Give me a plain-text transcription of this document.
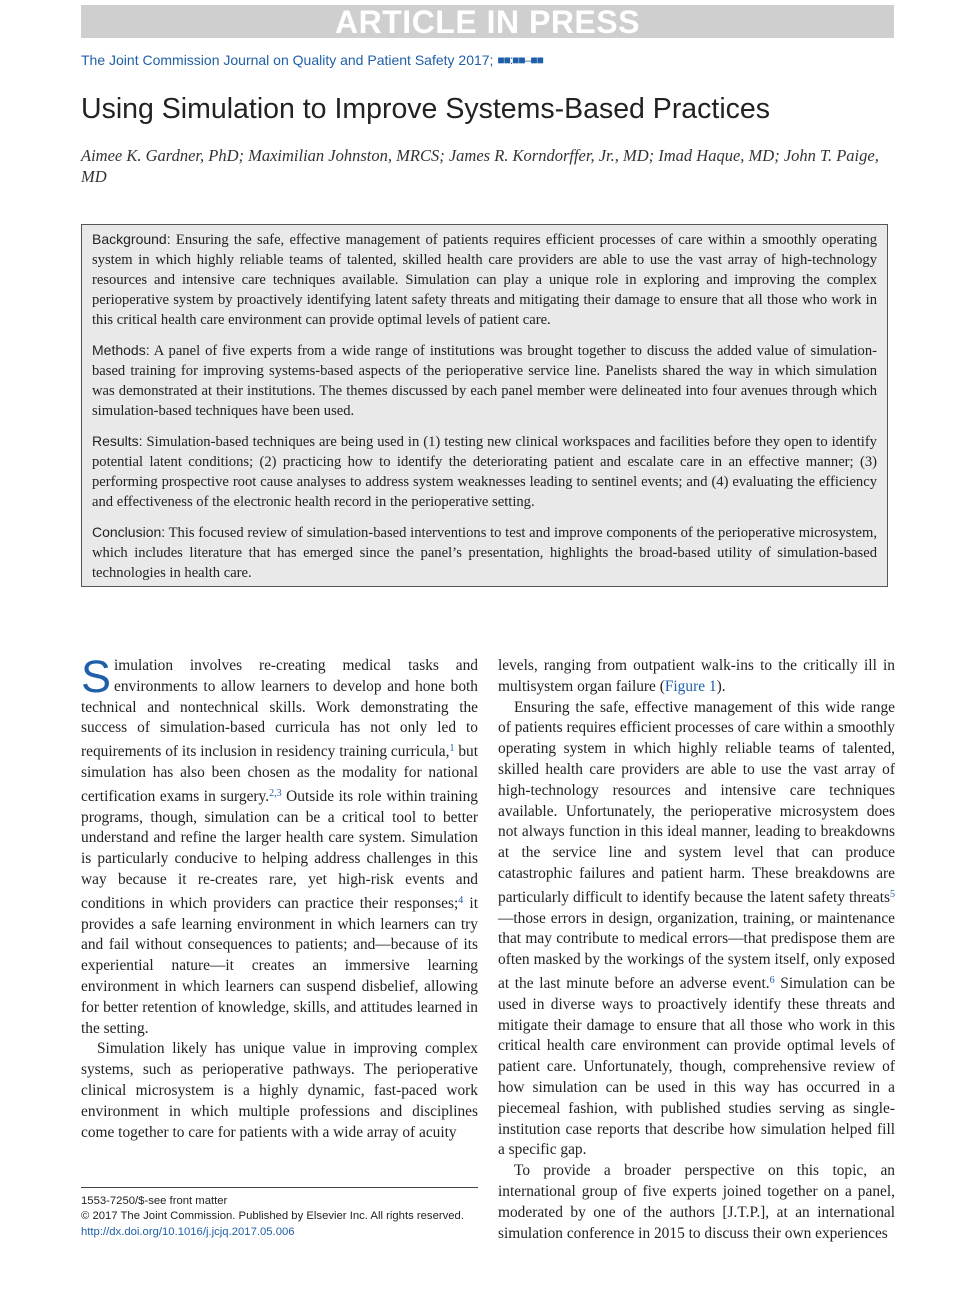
ARTICLE IN PRESS
The Joint Commission Journal on Quality and Patient Safety 2017; ■■:■■–■■
Using Simulation to Improve Systems-Based Practices
Aimee K. Gardner, PhD; Maximilian Johnston, MRCS; James R. Korndorffer, Jr., MD; Imad Haque, MD; John T. Paige, MD

Background: Ensuring the safe, effective management of patients requires efficient processes of care within a smoothly operating system in which highly reliable teams of talented, skilled health care providers are able to use the vast array of high-technology resources and intensive care techniques available. Simulation can play a unique role in exploring and improving the complex perioperative system by proactively identifying latent safety threats and mitigating their damage to ensure that all those who work in this critical health care environment can provide optimal levels of patient care.

Methods: A panel of five experts from a wide range of institutions was brought together to discuss the added value of simulation-based training for improving systems-based aspects of the perioperative service line. Panelists shared the way in which simulation was demonstrated at their institutions. The themes discussed by each panel member were delineated into four avenues through which simulation-based techniques have been used.

Results: Simulation-based techniques are being used in (1) testing new clinical workspaces and facilities before they open to identify potential latent conditions; (2) practicing how to identify the deteriorating patient and escalate care in an effective manner; (3) performing prospective root cause analyses to address system weaknesses leading to sentinel events; and (4) evaluating the efficiency and effectiveness of the electronic health record in the perioperative setting.

Conclusion: This focused review of simulation-based interventions to test and improve components of the perioperative microsystem, which includes literature that has emerged since the panel’s presentation, highlights the broad-based utility of simulation-based technologies in health care.

Simulation involves re-creating medical tasks and environments to allow learners to develop and hone both technical and nontechnical skills. Work demonstrating the success of simulation-based curricula has not only led to requirements of its inclusion in residency training curricula,$^1$ but simulation has also been chosen as the modality for national certification exams in surgery.$^{2,3}$ Outside its role within training programs, though, simulation can be a critical tool to better understand and refine the larger health care system. Simulation is particularly conducive to helping address challenges in this way because it re-creates rare, yet high-risk events and conditions in which providers can practice their responses;$^4$ it provides a safe learning environment in which learners can try and fail without consequences to patients; and—because of its experiential nature—it creates an immersive learning environment in which learners can suspend disbelief, allowing for better retention of knowledge, skills, and attitudes learned in the setting.

Simulation likely has unique value in improving complex systems, such as perioperative pathways. The perioperative clinical microsystem is a highly dynamic, fast-paced work environment in which multiple professions and disciplines come together to care for patients with a wide array of acuity

levels, ranging from outpatient walk-ins to the critically ill in multisystem organ failure (Figure 1).

Ensuring the safe, effective management of this wide range of patients requires efficient processes of care within a smoothly operating system in which highly reliable teams of talented, skilled health care providers are able to use the vast array of high-technology resources and intensive care techniques available. Unfortunately, the perioperative microsystem does not always function in this ideal manner, leading to breakdowns at the service line and system level that can produce catastrophic failures and patient harm. These breakdowns are particularly difficult to identify because the latent safety threats$^5$—those errors in design, organization, training, or maintenance that may contribute to medical errors—that predispose them are often masked by the workings of the system itself, only exposed at the last minute before an adverse event.$^6$ Simulation can be used in diverse ways to proactively identify these threats and mitigate their damage to ensure that all those who work in this critical health care environment can provide optimal levels of patient care. Unfortunately, though, comprehensive review of how simulation can be used in this way has occurred in a piecemeal fashion, with published studies serving as single-institution case reports that describe how simulation helped fill a specific gap.

To provide a broader perspective on this topic, an international group of five experts joined together on a panel, moderated by one of the authors [J.T.P.], at an international simulation conference in 2015 to discuss their own experiences

1553-7250/$-see front matter
© 2017 The Joint Commission. Published by Elsevier Inc. All rights reserved.
http://dx.doi.org/10.1016/j.jcjq.2017.05.006
